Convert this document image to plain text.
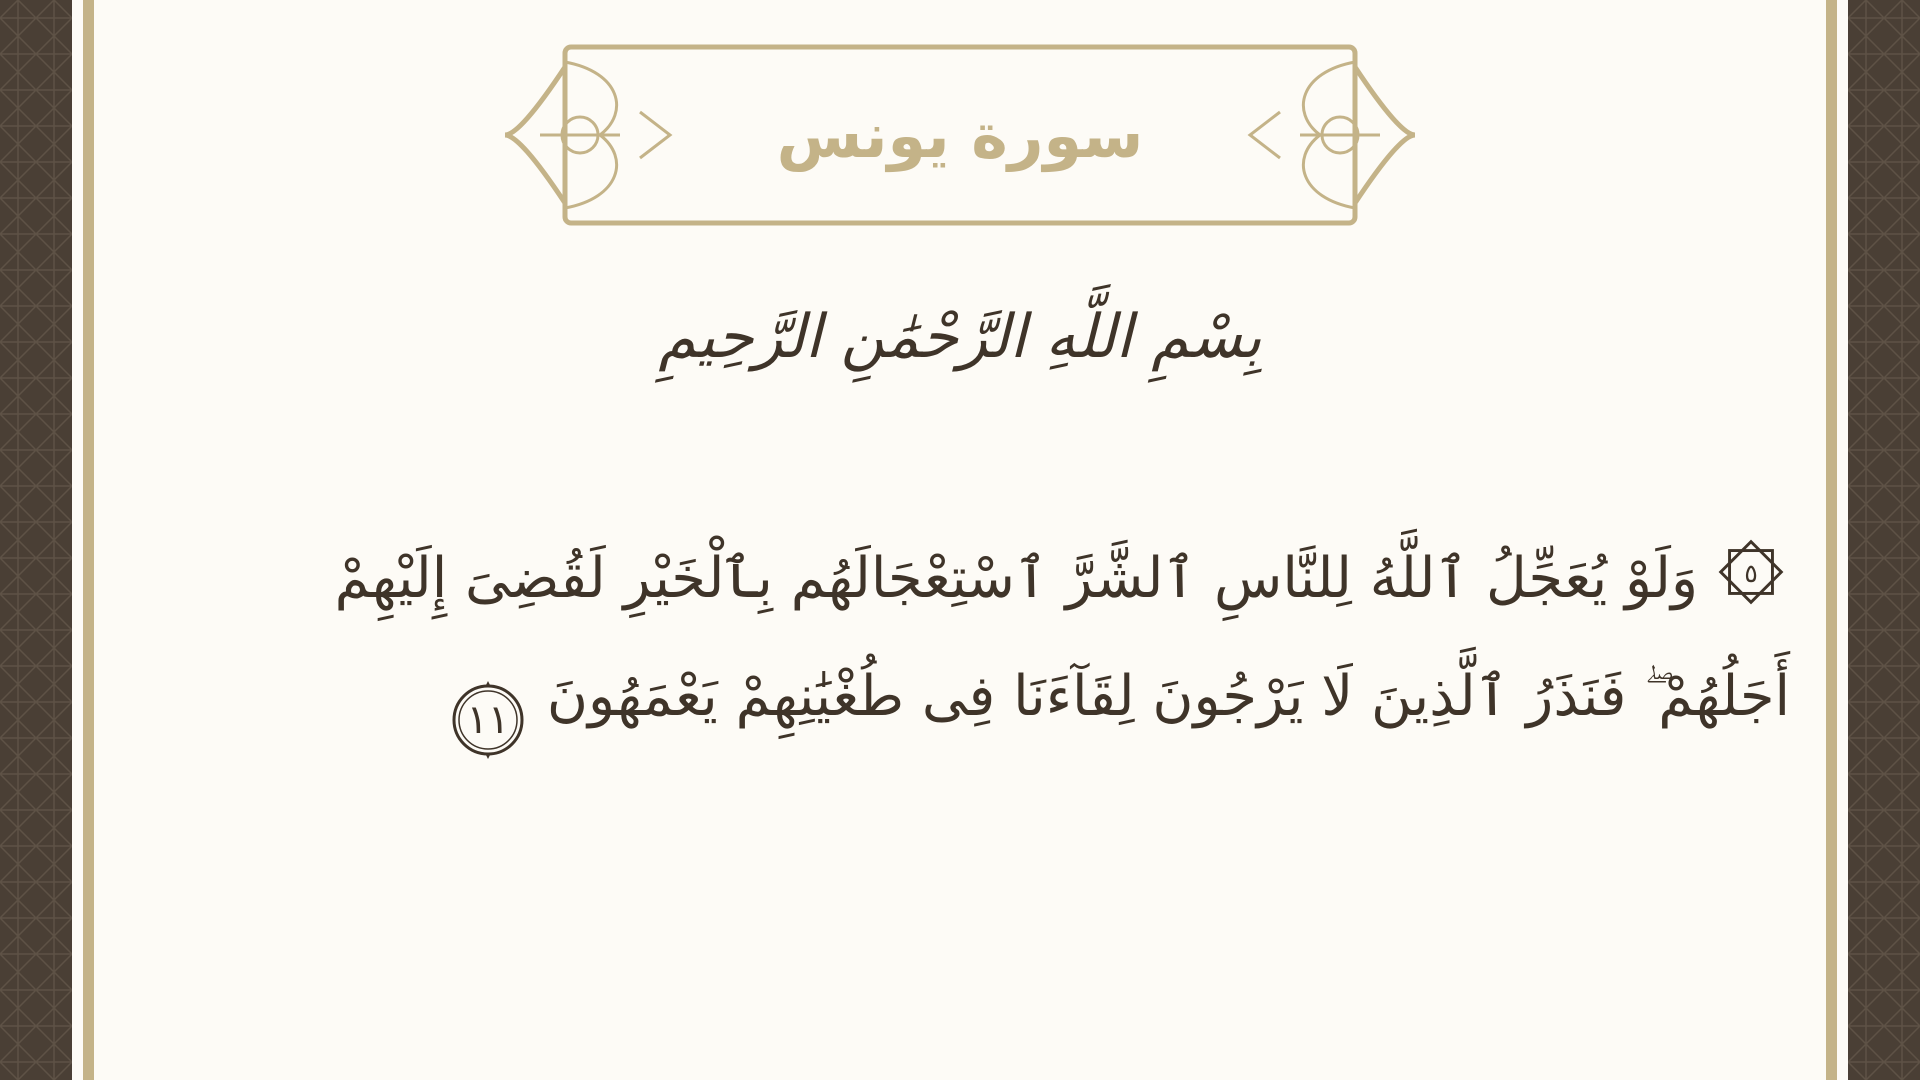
سورة يونس
بِسْمِ اللَّهِ الرَّحْمَٰنِ الرَّحِيمِ
٥
وَلَوْ يُعَجِّلُ ٱللَّهُ لِلنَّاسِ ٱلشَّرَّ ٱسْتِعْجَالَهُم بِٱلْخَيْرِ لَقُضِىَ إِلَيْهِمْ
أَجَلُهُمْ ۖ فَنَذَرُ ٱلَّذِينَ لَا يَرْجُونَ لِقَآءَنَا فِى طُغْيَٰنِهِمْ يَعْمَهُونَ
١١
